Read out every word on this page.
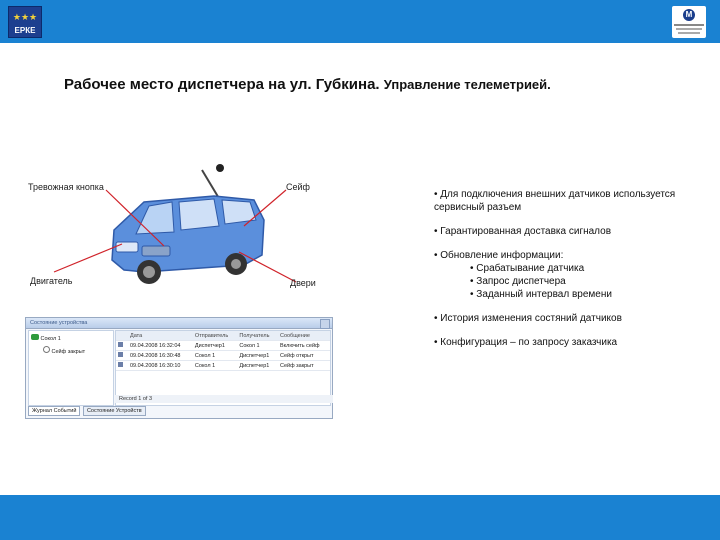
★★★
ЕРКЕ
M
Рабочее место диспетчера на ул. Губкина. Управление телеметрией.
Тревожная кнопка	Сейф
Двигатель	Двери
• Для подключения внешних датчиков используется сервисный разъем
• Гарантированная доставка сигналов
• Обновление информации:
• Срабатывание датчика
• Запрос диспетчера
• Заданный интервал времени
• История изменения состяний датчиков
• Конфигурация – по запросу заказчика
Состояние устройства
Сокол 1
Сейф закрыт
	Дата	Отправитель	Получатель	Сообщение
	09.04.2008 16:32:04	Диспетчер1	Сокол 1	Включить сейф
	09.04.2008 16:30:48	Сокол 1	Диспетчер1	Сейф открыт
	09.04.2008 16:30:10	Сокол 1	Диспетчер1	Сейф закрыт
Record 1 of 3
Журнал Событий Состояние Устройств
